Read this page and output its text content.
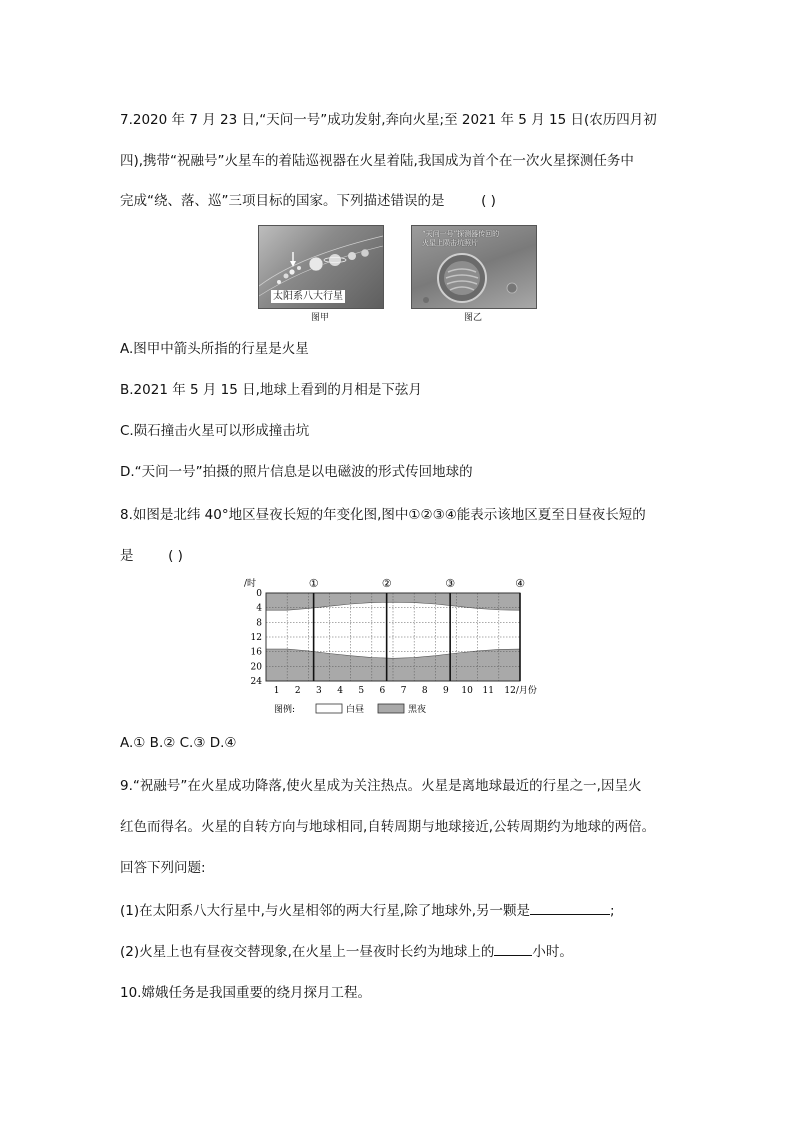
7.2020 年 7 月 23 日,“天问一号”成功发射,奔向火星;至 2021 年 5 月 15 日(农历四月初
四),携带“祝融号”火星车的着陆巡视器在火星着陆,我国成为首个在一次火星探测任务中
完成“绕、落、巡”三项目标的国家。下列描述错误的是	( )
太阳系八大行星
图甲
“天问一号”探测器传回的
火星上陨击坑照片
图乙
A.图甲中箭头所指的行星是火星
B.2021 年 5 月 15 日,地球上看到的月相是下弦月
C.陨石撞击火星可以形成撞击坑
D.“天问一号”拍摄的照片信息是以电磁波的形式传回地球的
8.如图是北纬 40°地区昼夜长短的年变化图,图中①②③④能表示该地区夏至日昼夜长短的
是	( )
①	②	③	④
0
4
8
12
16
20
24
/时
1 2 3 4 5 6 7 8 9 10 11 12/月份
图例:	白昼	黑夜
A.① B.② C.③ D.④
9.“祝融号”在火星成功降落,使火星成为关注热点。火星是离地球最近的行星之一,因呈火
红色而得名。火星的自转方向与地球相同,自转周期与地球接近,公转周期约为地球的两倍。
回答下列问题:
(1)在太阳系八大行星中,与火星相邻的两大行星,除了地球外,另一颗是	;
(2)火星上也有昼夜交替现象,在火星上一昼夜时长约为地球上的	小时。
10.嫦娥任务是我国重要的绕月探月工程。
